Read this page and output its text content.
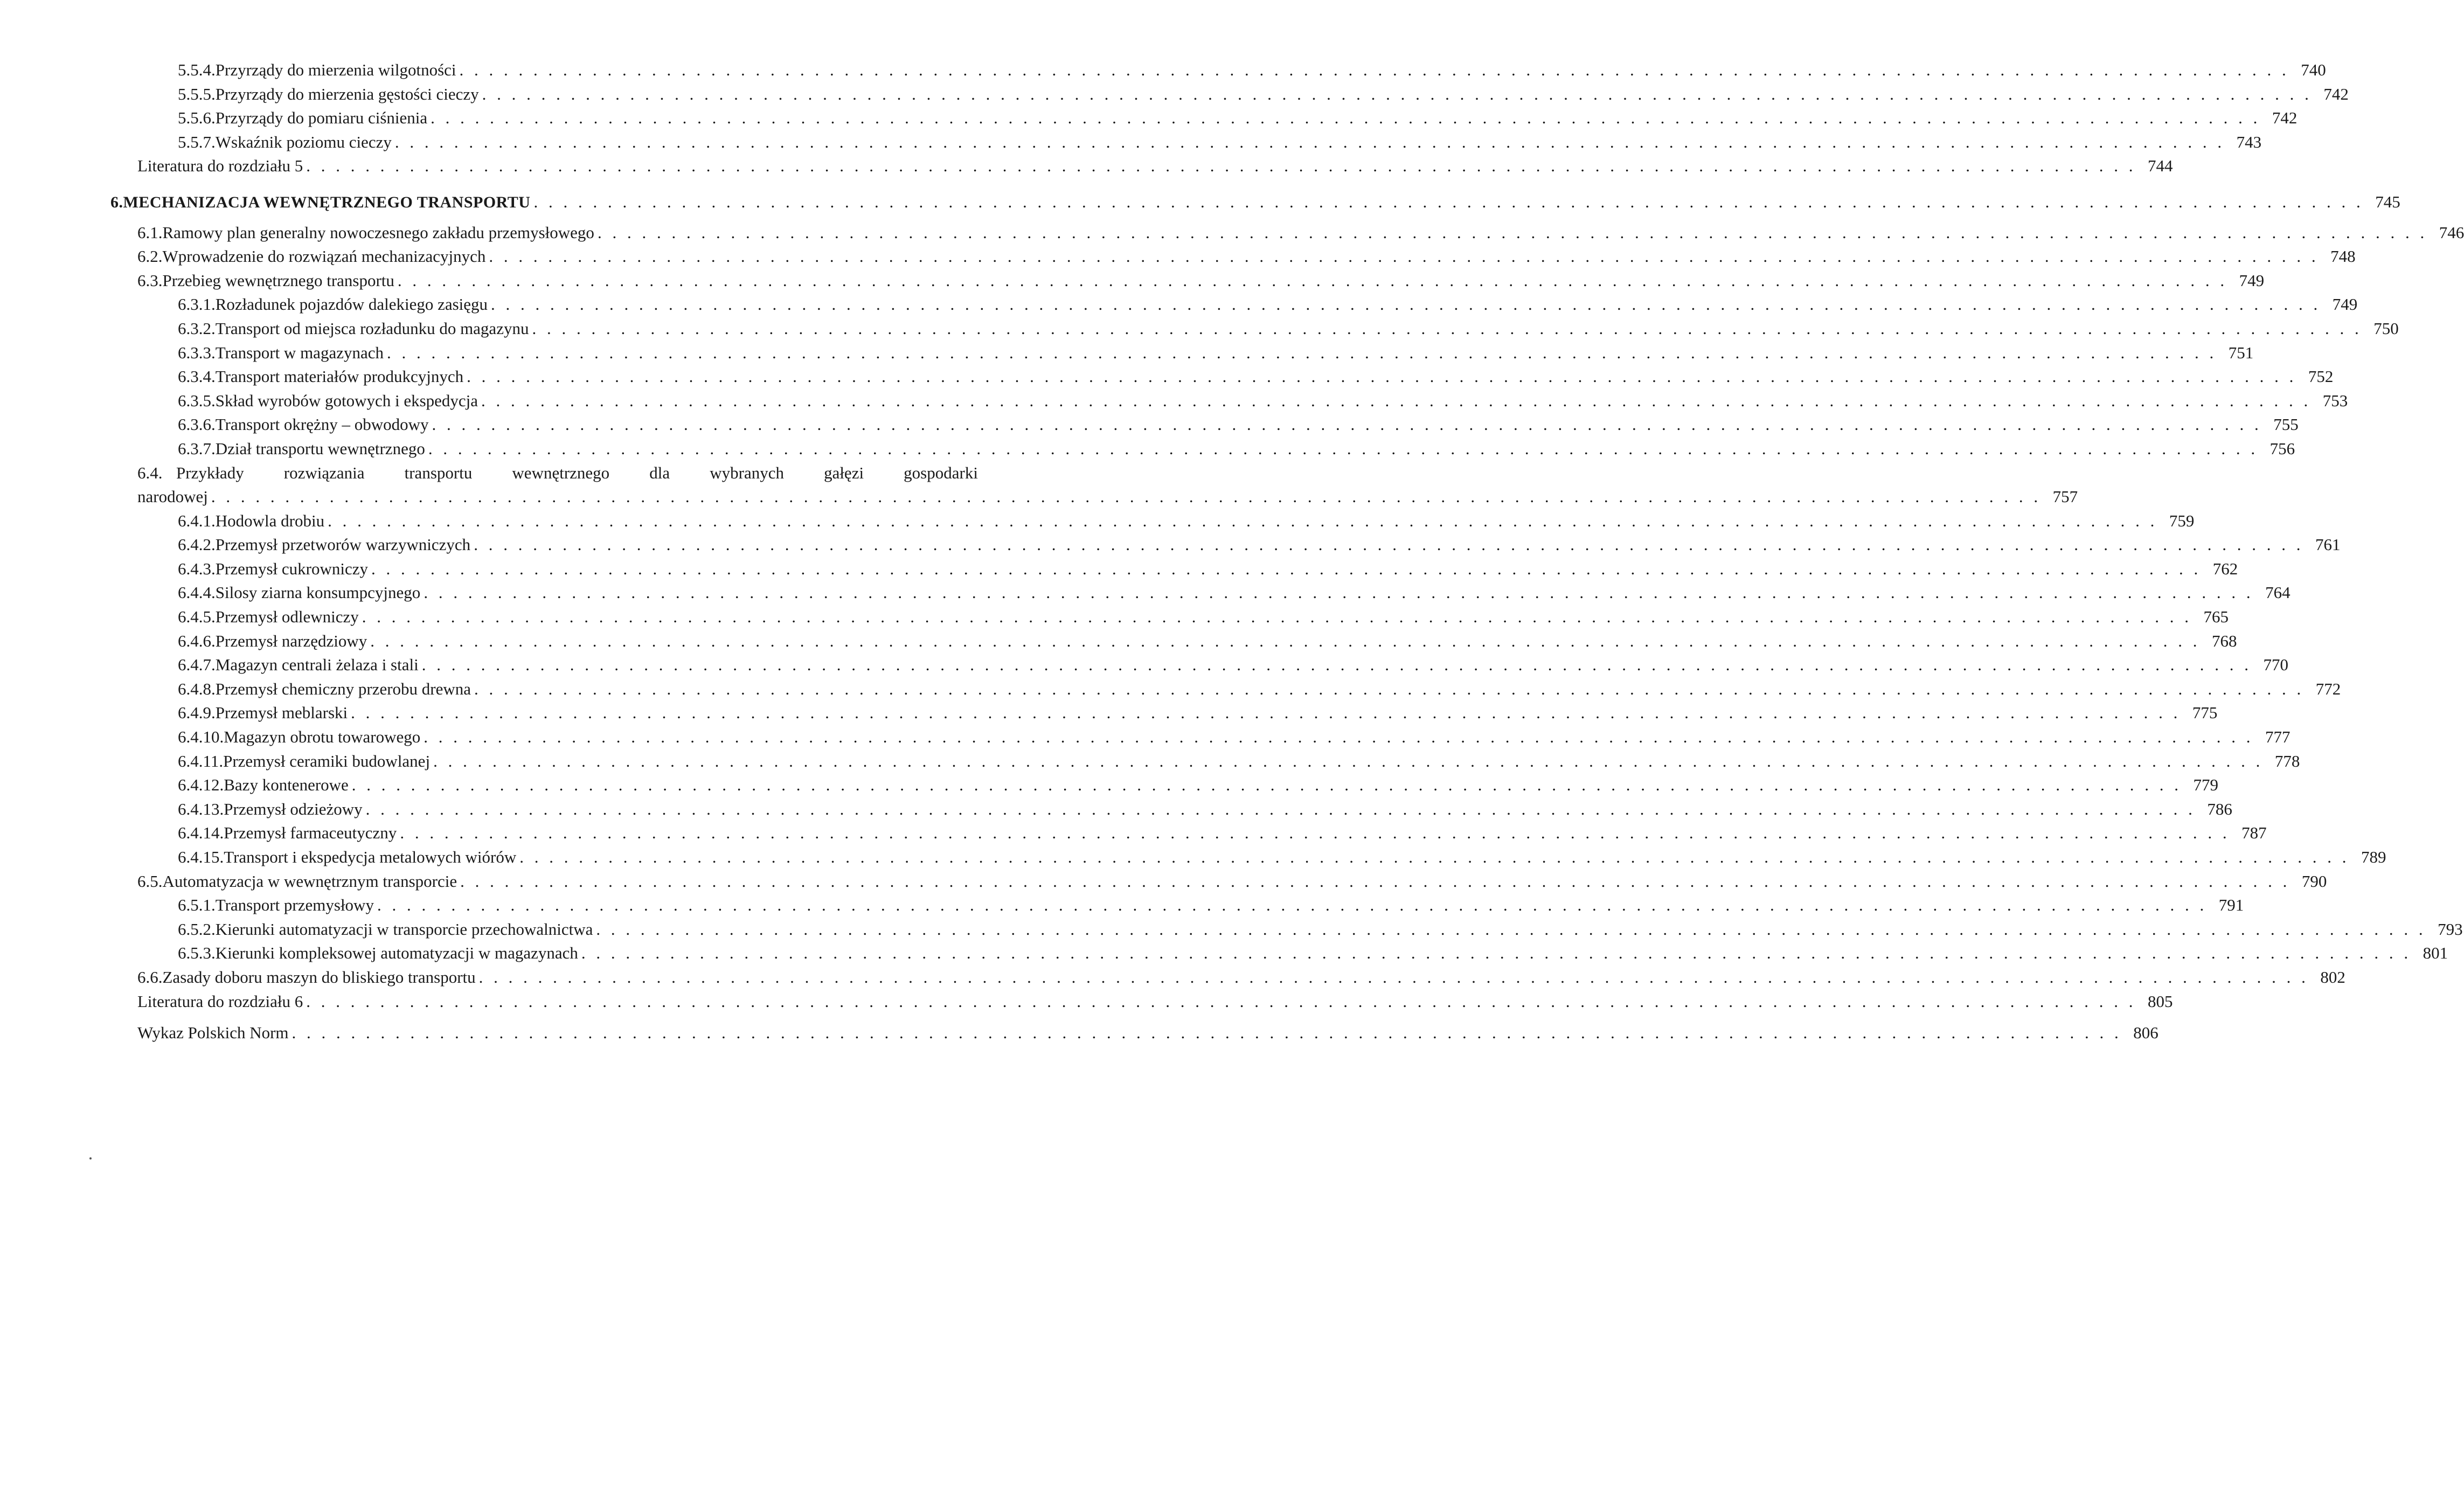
5.5.4. Przyrządy do mierzenia wilgotności . . .	740
5.5.5. Przyrządy do mierzenia gęstości cieczy . . .	742
5.5.6. Przyrządy do pomiaru ciśnienia . . .	742
5.5.7. Wskaźnik poziomu cieczy . . .	743
Literatura do rozdziału 5 . . .	744
6. MECHANIZACJA WEWNĘTRZNEGO TRANSPORTU . . .	745
6.1. Ramowy plan generalny nowoczesnego zakładu przemysłowego . . .	746
6.2. Wprowadzenie do rozwiązań mechanizacyjnych . . .	748
6.3. Przebieg wewnętrznego transportu . . .	749
6.3.1. Rozładunek pojazdów dalekiego zasięgu . . .	749
6.3.2. Transport od miejsca rozładunku do magazynu . . .	750
6.3.3. Transport w magazynach . . .	751
6.3.4. Transport materiałów produkcyjnych . . .	752
6.3.5. Skład wyrobów gotowych i ekspedycja . . .	753
6.3.6. Transport okrężny – obwodowy . . .	755
6.3.7. Dział transportu wewnętrznego . . .	756
6.4. Przykłady rozwiązania transportu wewnętrznego dla wybranych gałęzi gospodarki
narodowej . . .	757
6.4.1. Hodowla drobiu . . .	759
6.4.2. Przemysł przetworów warzywniczych . . .	761
6.4.3. Przemysł cukrowniczy . . .	762
6.4.4. Silosy ziarna konsumpcyjnego . . .	764
6.4.5. Przemysł odlewniczy . . .	765
6.4.6. Przemysł narzędziowy . . .	768
6.4.7. Magazyn centrali żelaza i stali . . .	770
6.4.8. Przemysł chemiczny przerobu drewna . . .	772
6.4.9. Przemysł meblarski . . .	775
6.4.10. Magazyn obrotu towarowego . . .	777
6.4.11. Przemysł ceramiki budowlanej . . .	778
6.4.12. Bazy kontenerowe . . .	779
6.4.13. Przemysł odzieżowy . . .	786
6.4.14. Przemysł farmaceutyczny . . .	787
6.4.15. Transport i ekspedycja metalowych wiórów . . .	789
6.5. Automatyzacja w wewnętrznym transporcie . . .	790
6.5.1. Transport przemysłowy . . .	791
6.5.2. Kierunki automatyzacji w transporcie przechowalnictwa . . .	793
6.5.3. Kierunki kompleksowej automatyzacji w magazynach . . .	801
6.6. Zasady doboru maszyn do bliskiego transportu . . .	802
Literatura do rozdziału 6 . . .	805
Wykaz Polskich Norm . . .	806
